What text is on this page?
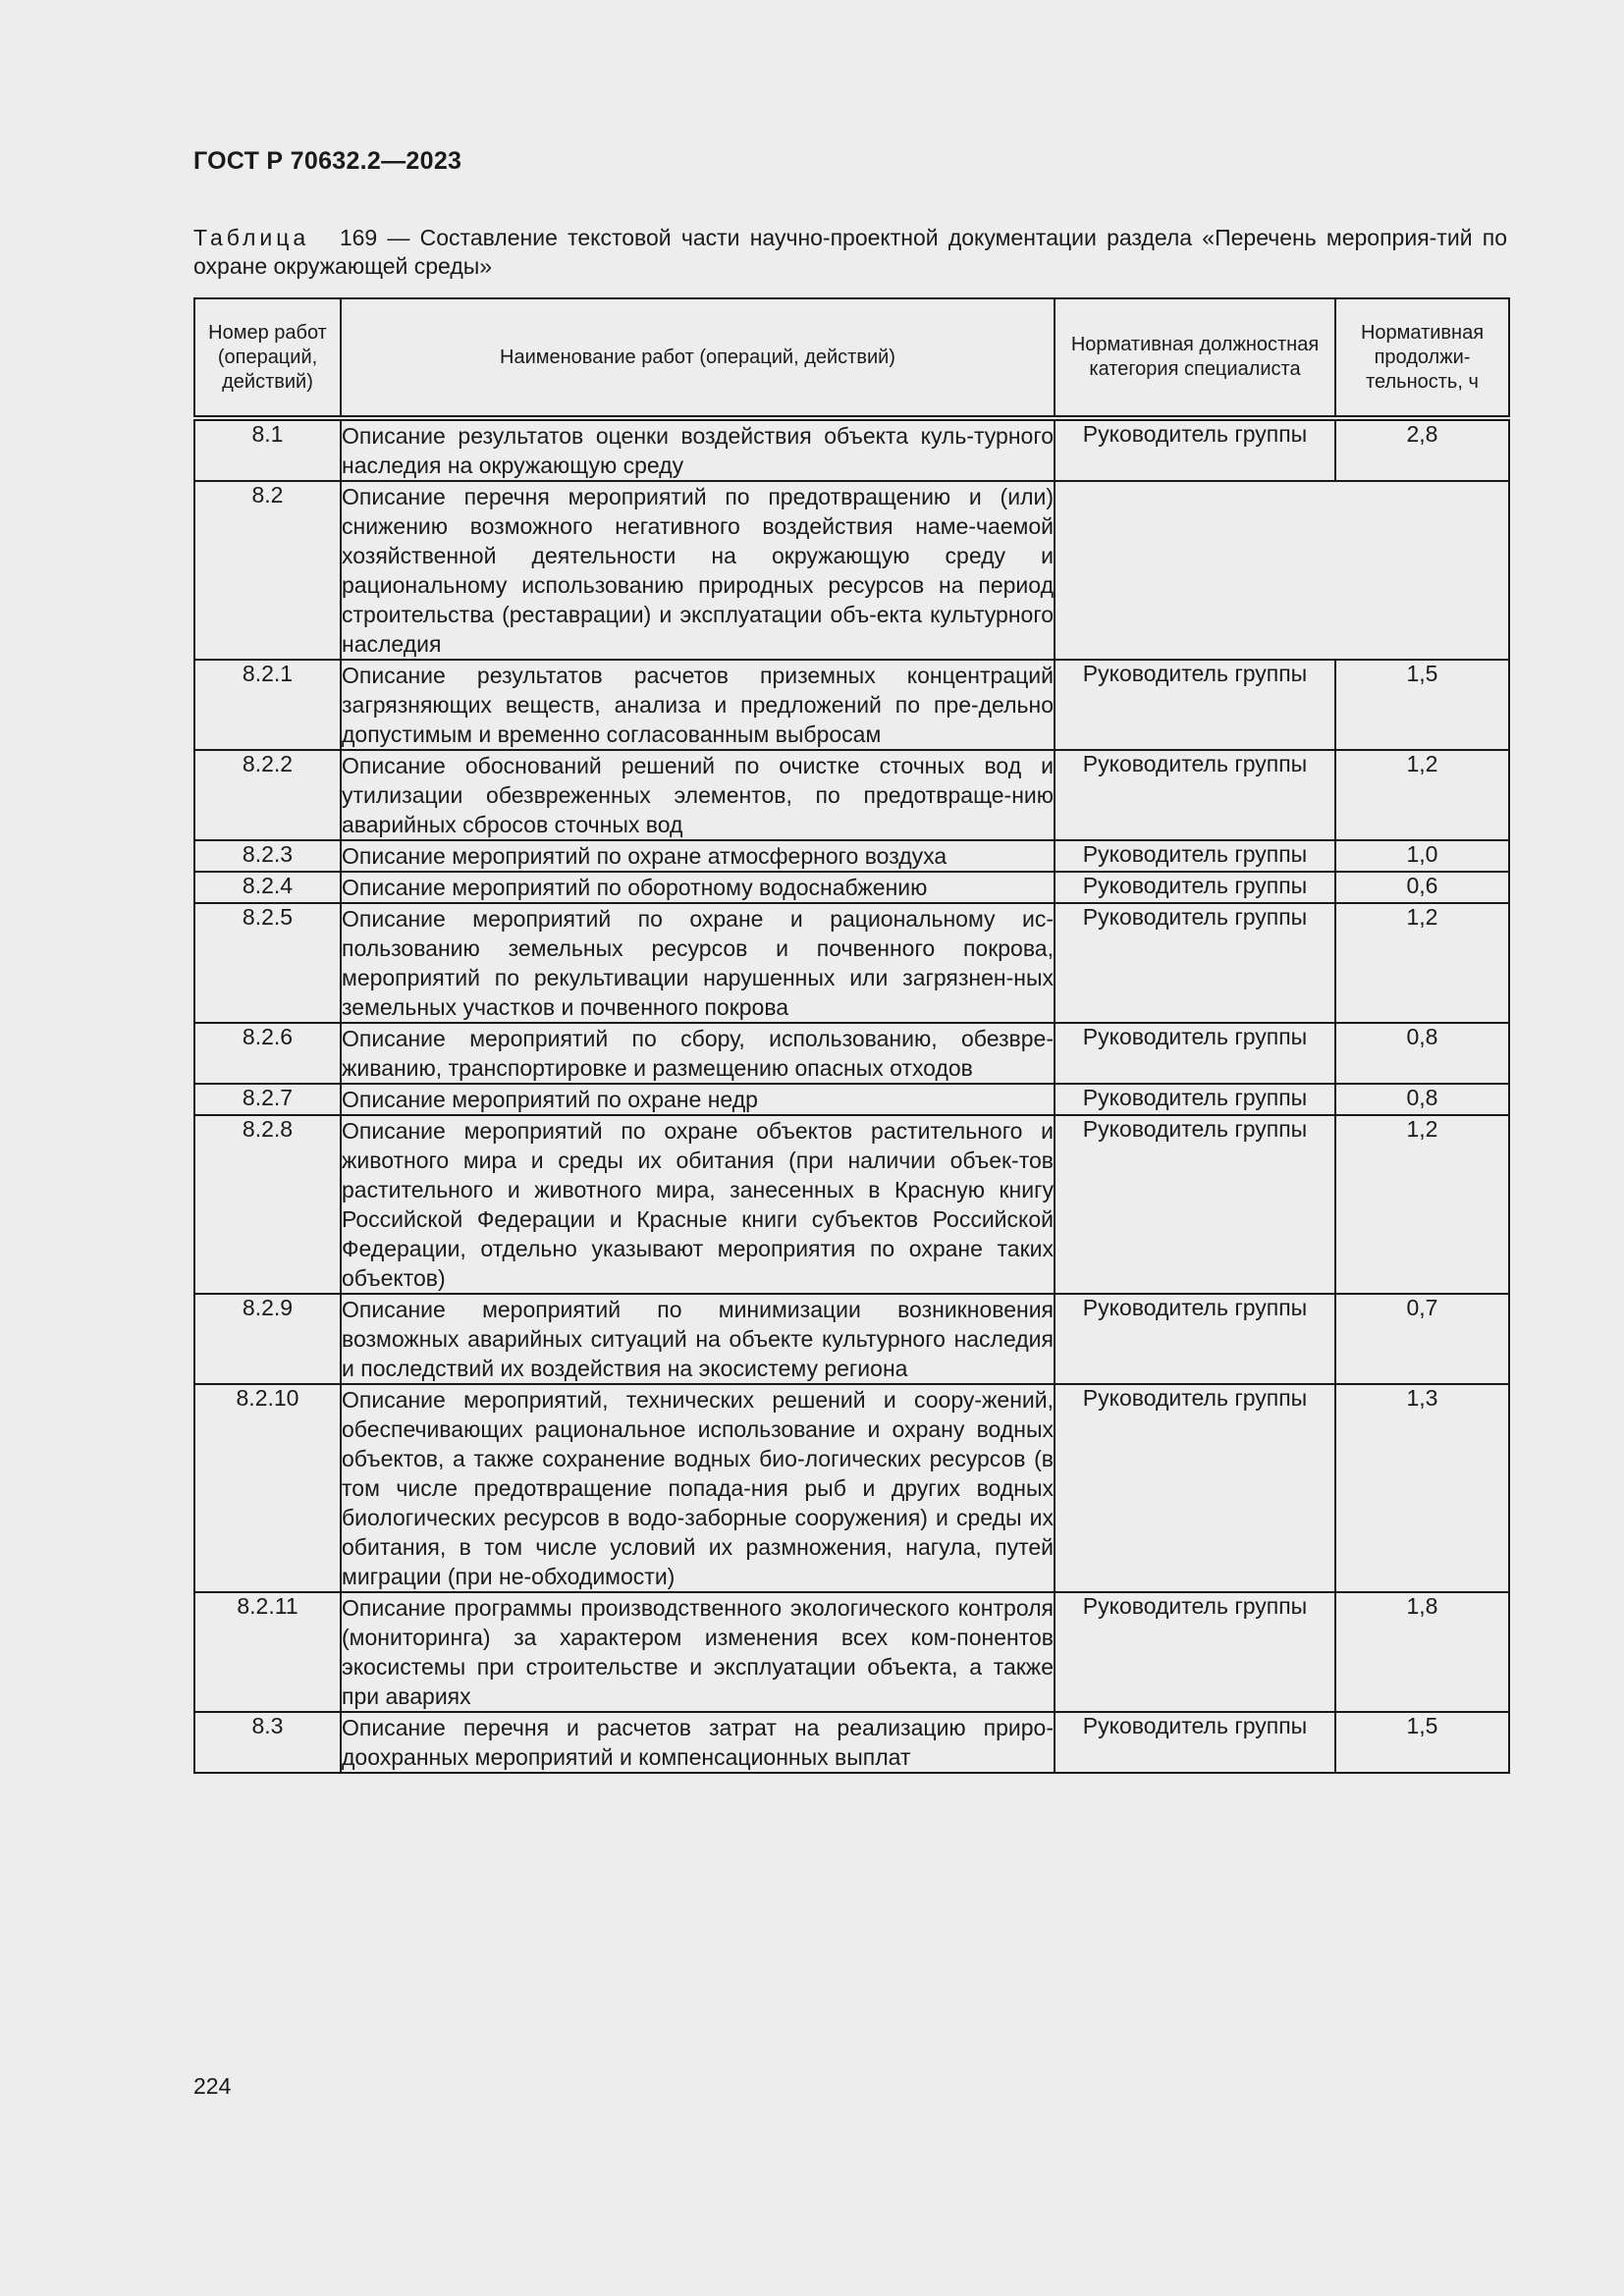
ГОСТ Р 70632.2—2023
Таблица 169 — Составление текстовой части научно-проектной документации раздела «Перечень мероприя-тий по охране окружающей среды»
Номер работ (операций, действий)	Наименование работ (операций, действий)	Нормативная должностная категория специалиста	Нормативная продолжи-тельность, ч
8.1	Описание результатов оценки воздействия объекта куль-турного наследия на окружающую среду	Руководитель группы	2,8
8.2	Описание перечня мероприятий по предотвращению и (или) снижению возможного негативного воздействия наме-чаемой хозяйственной деятельности на окружающую среду и рациональному использованию природных ресурсов на период строительства (реставрации) и эксплуатации объ-екта культурного наследия		
8.2.1	Описание результатов расчетов приземных концентраций загрязняющих веществ, анализа и предложений по пре-дельно допустимым и временно согласованным выбросам	Руководитель группы	1,5
8.2.2	Описание обоснований решений по очистке сточных вод и утилизации обезвреженных элементов, по предотвраще-нию аварийных сбросов сточных вод	Руководитель группы	1,2
8.2.3	Описание мероприятий по охране атмосферного воздуха	Руководитель группы	1,0
8.2.4	Описание мероприятий по оборотному водоснабжению	Руководитель группы	0,6
8.2.5	Описание мероприятий по охране и рациональному ис-пользованию земельных ресурсов и почвенного покрова, мероприятий по рекультивации нарушенных или загрязнен-ных земельных участков и почвенного покрова	Руководитель группы	1,2
8.2.6	Описание мероприятий по сбору, использованию, обезвре-живанию, транспортировке и размещению опасных отходов	Руководитель группы	0,8
8.2.7	Описание мероприятий по охране недр	Руководитель группы	0,8
8.2.8	Описание мероприятий по охране объектов растительного и животного мира и среды их обитания (при наличии объек-тов растительного и животного мира, занесенных в Красную книгу Российской Федерации и Красные книги субъектов Российской Федерации, отдельно указывают мероприятия по охране таких объектов)	Руководитель группы	1,2
8.2.9	Описание мероприятий по минимизации возникновения возможных аварийных ситуаций на объекте культурного наследия и последствий их воздействия на экосистему региона	Руководитель группы	0,7
8.2.10	Описание мероприятий, технических решений и соору-жений, обеспечивающих рациональное использование и охрану водных объектов, а также сохранение водных био-логических ресурсов (в том числе предотвращение попада-ния рыб и других водных биологических ресурсов в водо-заборные сооружения) и среды их обитания, в том числе условий их размножения, нагула, путей миграции (при не-обходимости)	Руководитель группы	1,3
8.2.11	Описание программы производственного экологического контроля (мониторинга) за характером изменения всех ком-понентов экосистемы при строительстве и эксплуатации объекта, а также при авариях	Руководитель группы	1,8
8.3	Описание перечня и расчетов затрат на реализацию приро-доохранных мероприятий и компенсационных выплат	Руководитель группы	1,5
224
